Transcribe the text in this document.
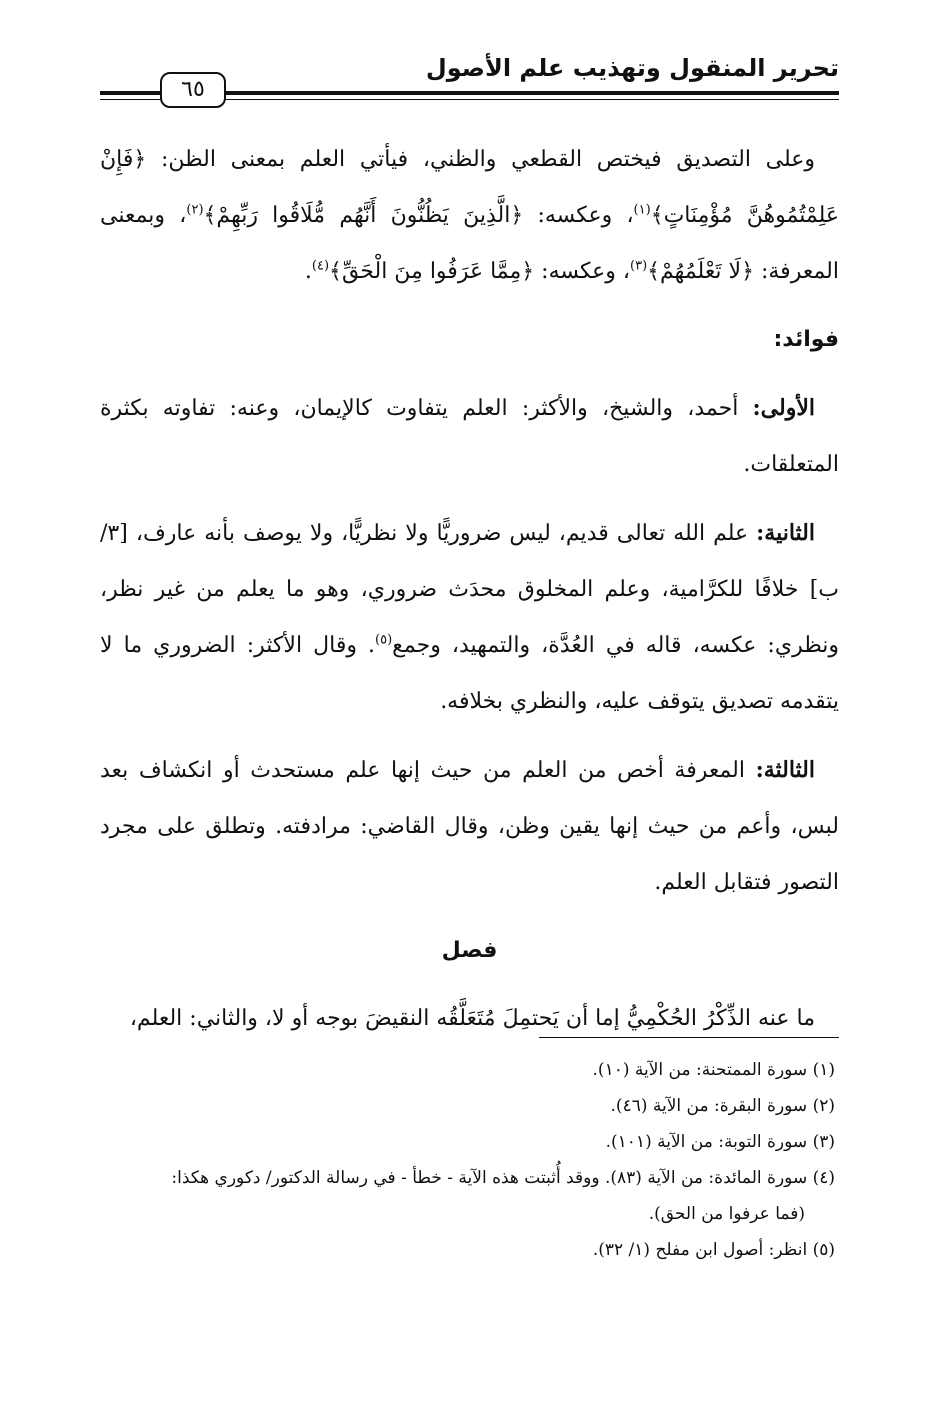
تحرير المنقول وتهذيب علم الأصول
٦٥

وعلى التصديق فيختص القطعي والظني، فيأتي العلم بمعنى الظن: ﴿فَإِنْ عَلِمْتُمُوهُنَّ مُؤْمِنَاتٍ﴾$^{(١)}$، وعكسه: ﴿الَّذِينَ يَظُنُّونَ أَنَّهُم مُّلَاقُوا رَبِّهِمْ﴾$^{(٢)}$، وبمعنى المعرفة: ﴿لَا تَعْلَمُهُمْ﴾$^{(٣)}$، وعكسه: ﴿مِمَّا عَرَفُوا مِنَ الْحَقِّ﴾$^{(٤)}$.

فوائد:

الأولى: أحمد، والشيخ، والأكثر: العلم يتفاوت كالإيمان، وعنه: تفاوته بكثرة المتعلقات.

الثانية: علم الله تعالى قديم، ليس ضروريًّا ولا نظريًّا، ولا يوصف بأنه عارف، [٣/ ب] خلافًا للكرَّامية، وعلم المخلوق محدَث ضروري، وهو ما يعلم من غير نظر، ونظري: عكسه، قاله في العُدَّة، والتمهيد، وجمع$^{(٥)}$. وقال الأكثر: الضروري ما لا يتقدمه تصديق يتوقف عليه، والنظري بخلافه.

الثالثة: المعرفة أخص من العلم من حيث إنها علم مستحدث أو انكشاف بعد لبس، وأعم من حيث إنها يقين وظن، وقال القاضي: مرادفته. وتطلق على مجرد التصور فتقابل العلم.

فصل

ما عنه الذِّكْرُ الحُكْمِيُّ إما أن يَحتمِلَ مُتَعَلَّقُه النقيضَ بوجه أو لا، والثاني: العلم،

(١) سورة الممتحنة: من الآية (١٠).

(٢) سورة البقرة: من الآية (٤٦).

(٣) سورة التوبة: من الآية (١٠١).

(٤) سورة المائدة: من الآية (٨٣). ووقد أُثبتت هذه الآية - خطأ - في رسالة الدكتور/ دكوري هكذا:

(فما عرفوا من الحق).

(٥) انظر: أصول ابن مفلح (١/ ٣٢).
